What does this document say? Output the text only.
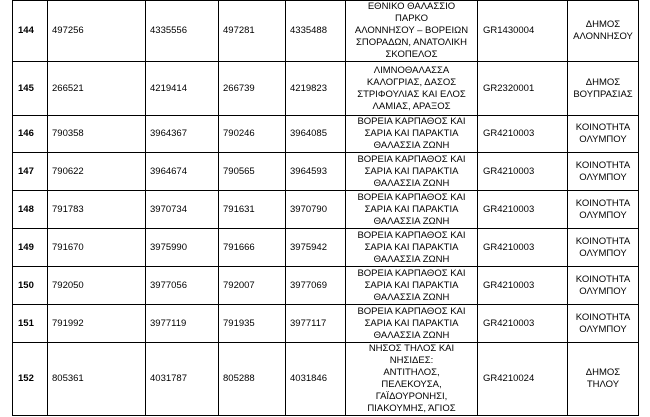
144	497256	4335556	497281	4335488	ΕΘΝΙΚΟ ΘΑΛΑΣΣΙΟ ΠΑΡΚΟ
ΑΛΟΝΝΗΣΟΥ – ΒΟΡΕΙΩΝ
ΣΠΟΡΑΔΩΝ, ΑΝΑΤΟΛΙΚΗ
ΣΚΟΠΕΛΟΣ	GR1430004	ΔΗΜΟΣ
ΑΛΟΝΝΗΣΟΥ

145	266521	4219414	266739	4219823	ΛΙΜΝΟΘΑΛΑΣΣΑ
ΚΑΛΟΓΡΙΑΣ, ΔΑΣΟΣ
ΣΤΡΙΦΟΥΛΙΑΣ ΚΑΙ ΕΛΟΣ
ΛΑΜΙΑΣ, ΑΡΑΞΟΣ	GR2320001	ΔΗΜΟΣ ΒΟΥΠΡΑΣΙΑΣ

146	790358	3964367	790246	3964085	ΒΟΡΕΙΑ ΚΑΡΠΑΘΟΣ ΚΑΙ
ΣΑΡΙΑ ΚΑΙ ΠΑΡΑΚΤΙΑ
ΘΑΛΑΣΣΙΑ ΖΩΝΗ	GR4210003	ΚΟΙΝΟΤΗΤΑ
ΟΛΥΜΠΟΥ

147	790622	3964674	790565	3964593	ΒΟΡΕΙΑ ΚΑΡΠΑΘΟΣ ΚΑΙ
ΣΑΡΙΑ ΚΑΙ ΠΑΡΑΚΤΙΑ
ΘΑΛΑΣΣΙΑ ΖΩΝΗ	GR4210003	ΚΟΙΝΟΤΗΤΑ
ΟΛΥΜΠΟΥ

148	791783	3970734	791631	3970790	ΒΟΡΕΙΑ ΚΑΡΠΑΘΟΣ ΚΑΙ
ΣΑΡΙΑ ΚΑΙ ΠΑΡΑΚΤΙΑ
ΘΑΛΑΣΣΙΑ ΖΩΝΗ	GR4210003	ΚΟΙΝΟΤΗΤΑ
ΟΛΥΜΠΟΥ

149	791670	3975990	791666	3975942	ΒΟΡΕΙΑ ΚΑΡΠΑΘΟΣ ΚΑΙ
ΣΑΡΙΑ ΚΑΙ ΠΑΡΑΚΤΙΑ
ΘΑΛΑΣΣΙΑ ΖΩΝΗ	GR4210003	ΚΟΙΝΟΤΗΤΑ
ΟΛΥΜΠΟΥ

150	792050	3977056	792007	3977069	ΒΟΡΕΙΑ ΚΑΡΠΑΘΟΣ ΚΑΙ
ΣΑΡΙΑ ΚΑΙ ΠΑΡΑΚΤΙΑ
ΘΑΛΑΣΣΙΑ ΖΩΝΗ	GR4210003	ΚΟΙΝΟΤΗΤΑ
ΟΛΥΜΠΟΥ

151	791992	3977119	791935	3977117	ΒΟΡΕΙΑ ΚΑΡΠΑΘΟΣ ΚΑΙ
ΣΑΡΙΑ ΚΑΙ ΠΑΡΑΚΤΙΑ
ΘΑΛΑΣΣΙΑ ΖΩΝΗ	GR4210003	ΚΟΙΝΟΤΗΤΑ
ΟΛΥΜΠΟΥ

152	805361	4031787	805288	4031846	ΝΗΣΟΣ ΤΗΛΟΣ ΚΑΙ ΝΗΣΙΔΕΣ:
ΑΝΤΙΤΗΛΟΣ, ΠΕΛΕΚΟΥΣΑ,
ΓΑΪΔΟΥΡΟΝΗΣΙ,
ΠΙΑΚΟΥΜΗΣ, ΆΓΙΟΣ	GR4210024	ΔΗΜΟΣ ΤΗΛΟΥ
